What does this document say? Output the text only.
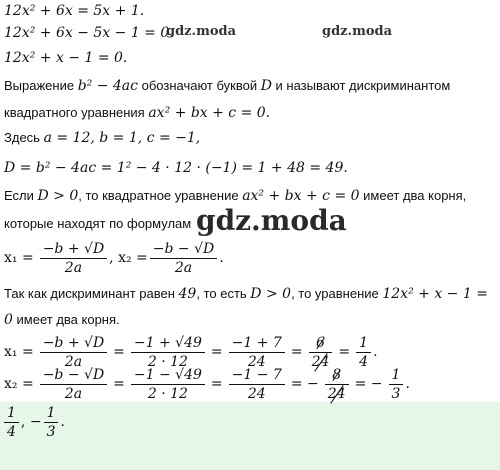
12x² + 6x = 5x + 1.
12x² + 6x − 5x − 1 = 0.
12x² + x − 1 = 0.
Выражение b² − 4ac обозначают буквой D и называют дискриминантом
квадратного уравнения ax² + bx + c = 0.
Здесь a = 12, b = 1, c = −1,
D = b² − 4ac = 1² − 4 · 12 · (−1) = 1 + 48 = 49.
Если D > 0, то квадратное уравнение ax² + bx + c = 0 имеет два корня,
которые находят по формулам
$x_1 = \frac{-b + √D}{2a}$ , $x_2 = \frac{-b - √D}{2a}$ .
Так как дискриминант равен 49, то есть D > 0, то уравнение 12x² + x − 1 =
0 имеет два корня.
$x_1 = \frac{-b + √D}{2a} = \frac{-1 + √49}{2 \cdot 12} = \frac{-1 + 7}{24} = \frac{6}{24} = \frac{1}{4}$ .
$x_2 = \frac{-b - √D}{2a} = \frac{-1 - √49}{2 \cdot 12} = \frac{-1 - 7}{24}$ = − $\frac{8}{24}$ = − $\frac{1}{3}$ .
$\frac{1}{4}$ , − $\frac{1}{3}$ .
gdz.moda	gdz.moda
gdz.moda
